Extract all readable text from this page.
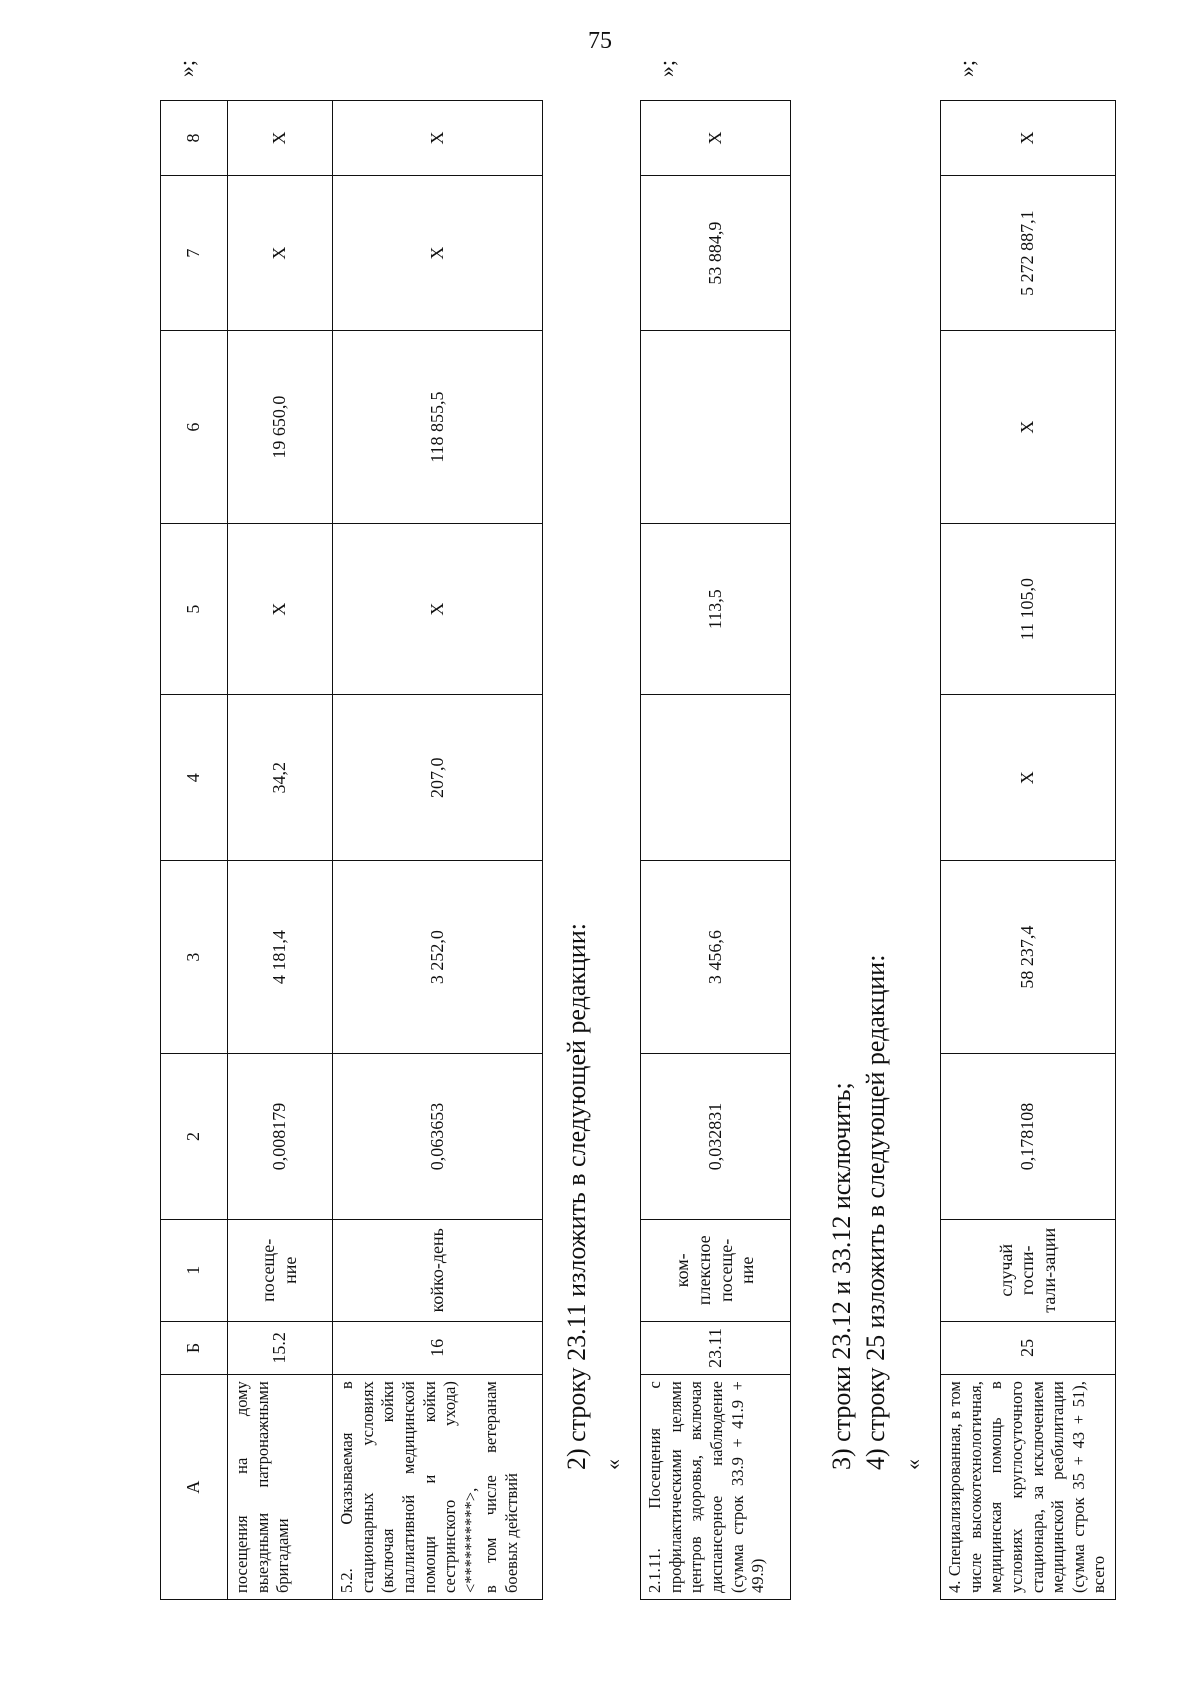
75
А	Б	1	2	3	4	5	6	7	8
посещения на дому выездными патронажными бригадами	15.2	посеще-ние	0,008179	4 181,4	34,2	Х	19 650,0	Х	Х

5.2. Оказываемая в стационарных условиях (включая койки паллиативной медицинской помощи и койки сестринского ухода) <**********>, в том числе ветеранам боевых действий	16	койко-день	0,063653	3 252,0	207,0	Х	118 855,5	Х	Х
»;
2) строку 23.11 изложить в следующей редакции: « 2.1.11. Посещения с профилактическими целями центров здоровья, включая диспансерное наблюдение (сумма строк 33.9 + 41.9 + 49.9)	23.11	ком-плексное посеще-ние	0,032831	3 456,6		113,5		53 884,9	Х
»;
3) строки 23.12 и 33.12 исключить; 4) строку 25 изложить в следующей редакции: « 4. Специализированная, в том числе высокотехнологичная, медицинская помощь в условиях круглосуточного стационара, за исключением медицинской реабилитации (сумма строк 35 + 43 + 51), всего	25	случай госпи-тали-зации	0,178108	58 237,4	Х	11 105,0	Х	5 272 887,1	Х
»;
